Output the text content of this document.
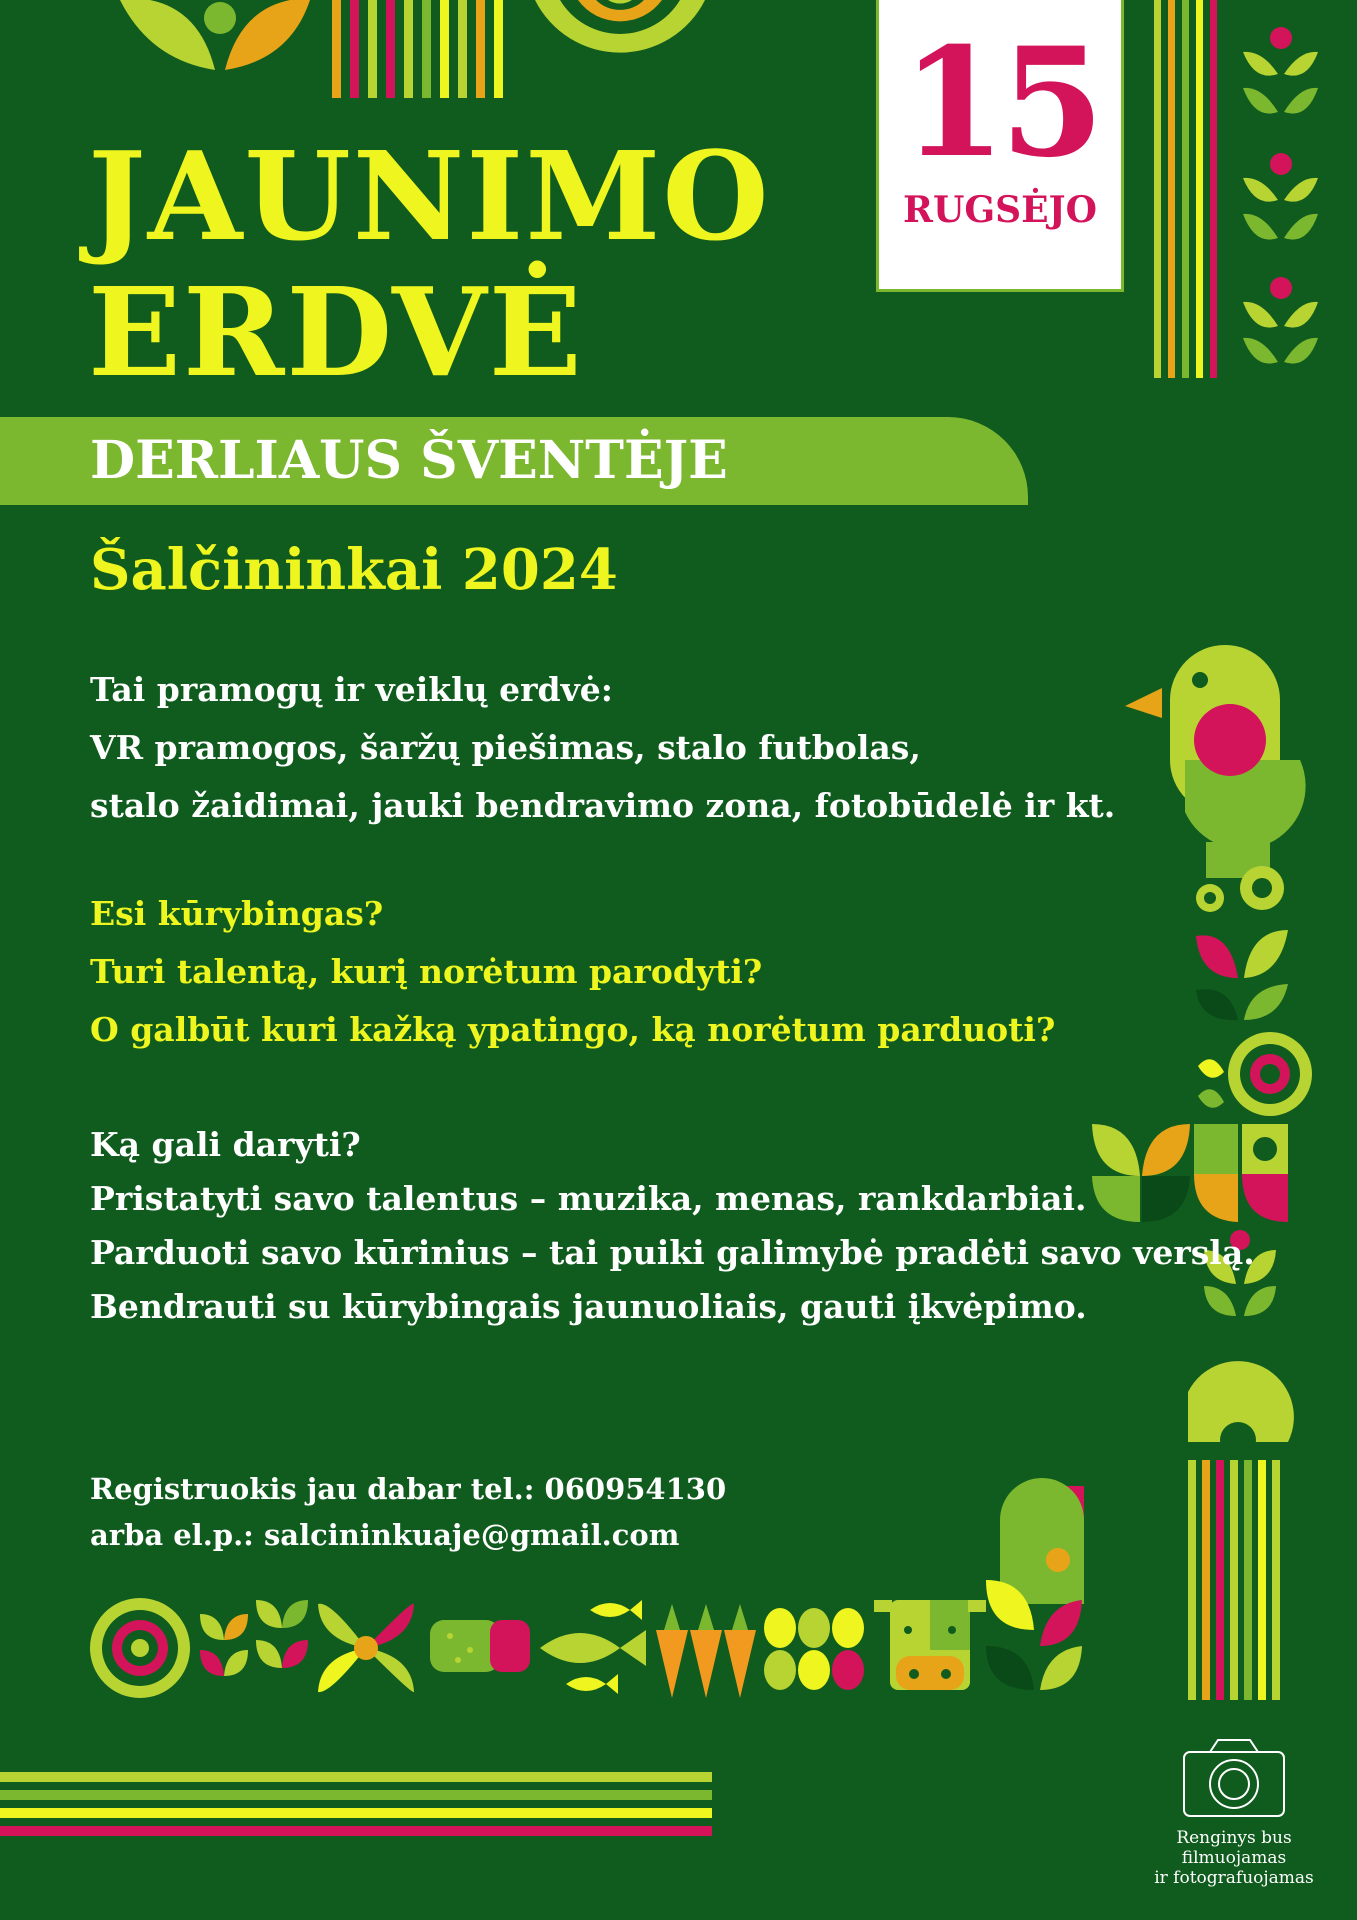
JAUNIMO
ERDVĖ
15
RUGSĖJO
DERLIAUS ŠVENTĖJE
Šalčininkai 2024
Tai pramogų ir veiklų erdvė:
VR pramogos, šaržų piešimas, stalo futbolas,
stalo žaidimai, jauki bendravimo zona, fotobūdelė ir kt.
Esi kūrybingas?
Turi talentą, kurį norėtum parodyti?
O galbūt kuri kažką ypatingo, ką norėtum parduoti?
Ką gali daryti?
Pristatyti savo talentus – muzika, menas, rankdarbiai.
Parduoti savo kūrinius – tai puiki galimybė pradėti savo verslą.
Bendrauti su kūrybingais jaunuoliais, gauti įkvėpimo.
Registruokis jau dabar tel.: 060954130
arba el.p.: salcininkuaje@gmail.com
Renginys bus
filmuojamas
ir fotografuojamas
